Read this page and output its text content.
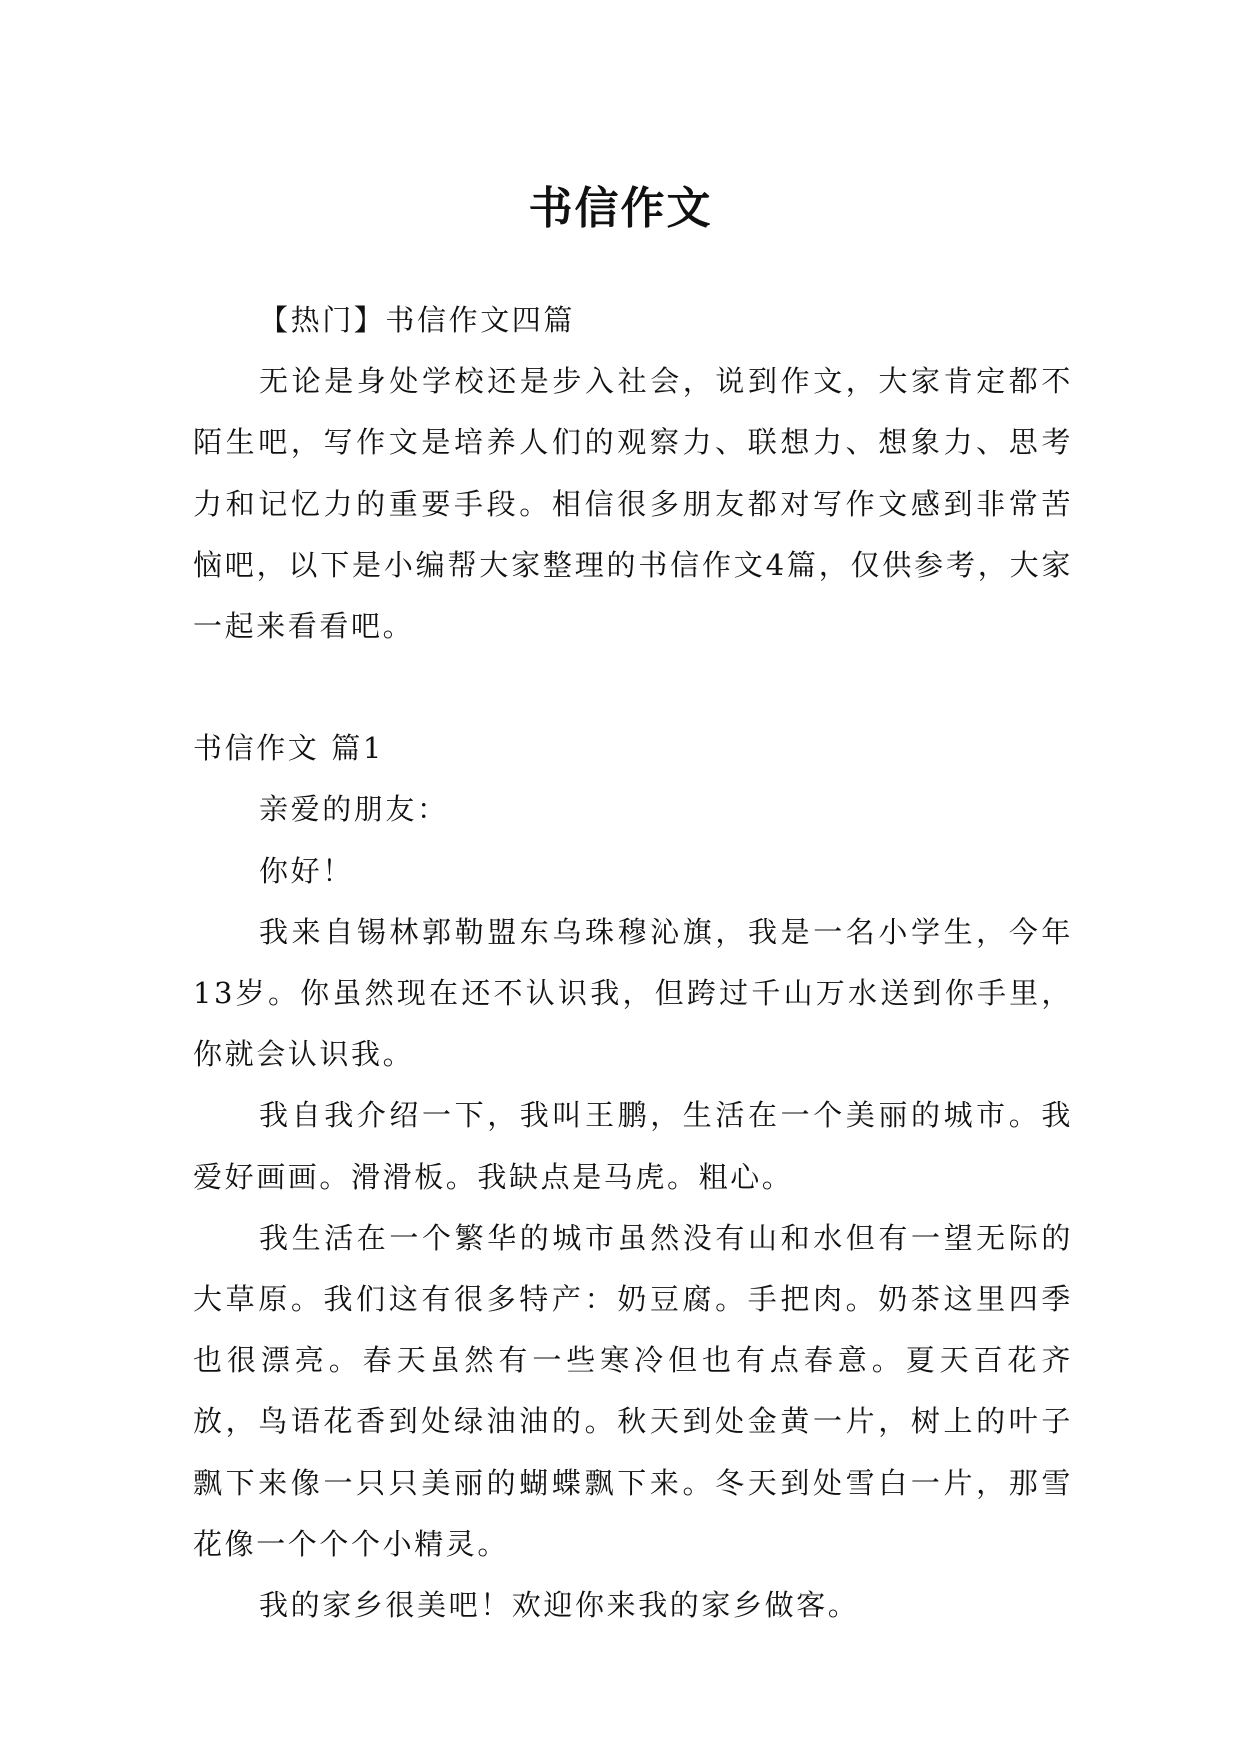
书信作文

【热门】书信作文四篇

无论是身处学校还是步入社会，说到作文，大家肯定都不陌生吧，写作文是培养人们的观察力、联想力、想象力、思考力和记忆力的重要手段。相信很多朋友都对写作文感到非常苦恼吧，以下是小编帮大家整理的书信作文4篇，仅供参考，大家一起来看看吧。

书信作文 篇1

亲爱的朋友：

你好！

我来自锡林郭勒盟东乌珠穆沁旗，我是一名小学生，今年13岁。你虽然现在还不认识我，但跨过千山万水送到你手里，你就会认识我。

我自我介绍一下，我叫王鹏，生活在一个美丽的城市。我爱好画画。滑滑板。我缺点是马虎。粗心。

我生活在一个繁华的城市虽然没有山和水但有一望无际的大草原。我们这有很多特产：奶豆腐。手把肉。奶茶这里四季也很漂亮。春天虽然有一些寒冷但也有点春意。夏天百花齐放，鸟语花香到处绿油油的。秋天到处金黄一片，树上的叶子飘下来像一只只美丽的蝴蝶飘下来。冬天到处雪白一片，那雪花像一个个个小精灵。

我的家乡很美吧！欢迎你来我的家乡做客。
